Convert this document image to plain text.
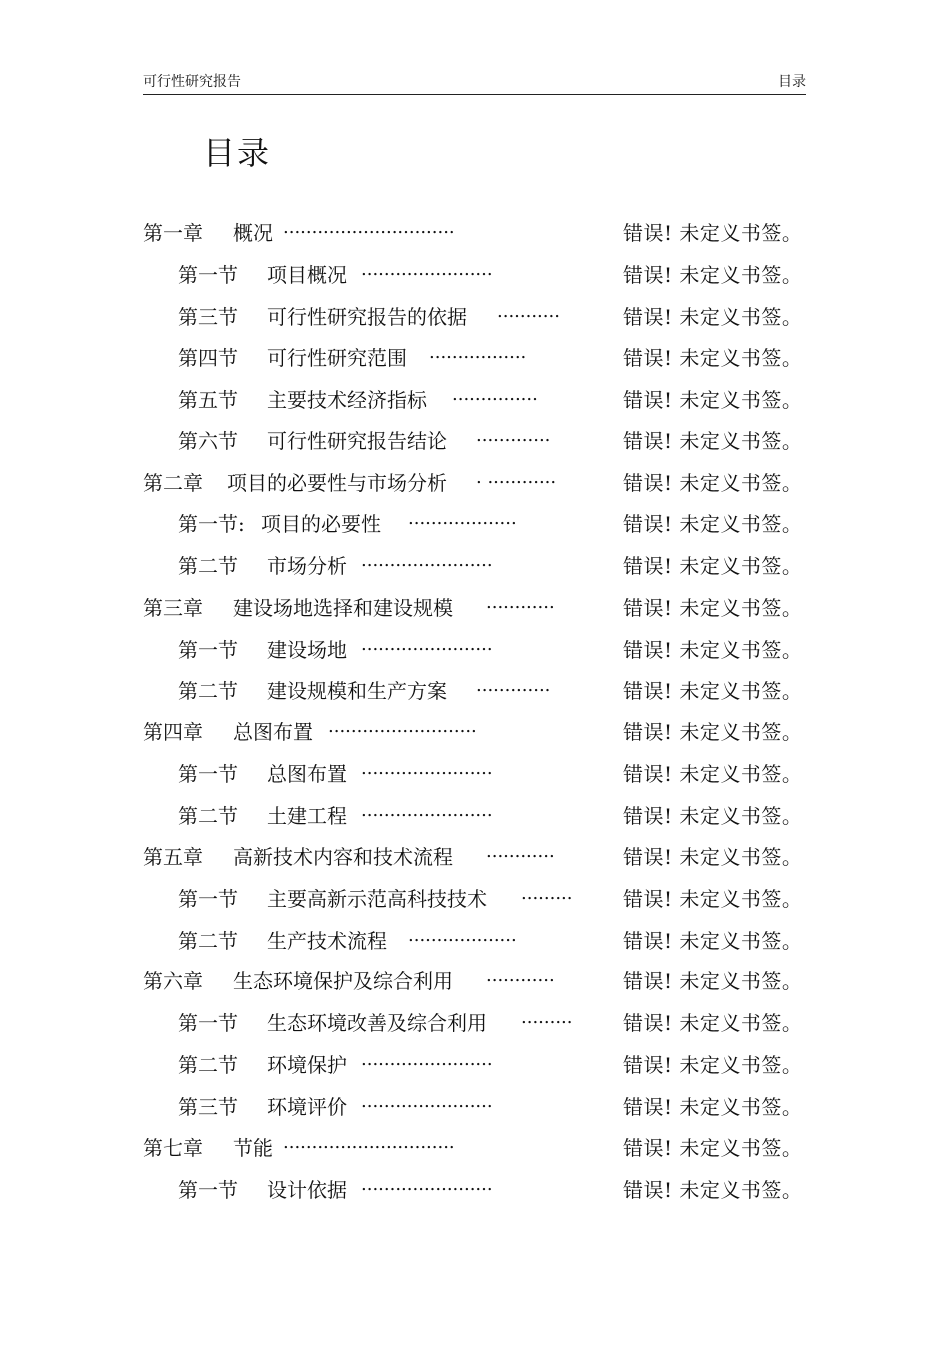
可行性研究报告	目录
目录
第一章 概况 ..............................	错误! 未定义书签。
第一节 项目概况 .......................	错误! 未定义书签。
第三节 可行性研究报告的依据 ...........	错误! 未定义书签。
第四节 可行性研究范围 .................	错误! 未定义书签。
第五节 主要技术经济指标 ...............	错误! 未定义书签。
第六节 可行性研究报告结论 .............	错误! 未定义书签。
第二章 项目的必要性与市场分析 . ............	错误! 未定义书签。
第一节: 项目的必要性 ...................	错误! 未定义书签。
第二节 市场分析 .......................	错误! 未定义书签。
第三章 建设场地选择和建设规模 ............	错误! 未定义书签。
第一节 建设场地 .......................	错误! 未定义书签。
第二节 建设规模和生产方案 .............	错误! 未定义书签。
第四章 总图布置 ..........................	错误! 未定义书签。
第一节 总图布置 .......................	错误! 未定义书签。
第二节 土建工程 .......................	错误! 未定义书签。
第五章 高新技术内容和技术流程 ............	错误! 未定义书签。
第一节 主要高新示范高科技技术 .........	错误! 未定义书签。
第二节 生产技术流程 ...................	错误! 未定义书签。
第六章 生态环境保护及综合利用 ............	错误! 未定义书签。
第一节 生态环境改善及综合利用 .........	错误! 未定义书签。
第二节 环境保护 .......................	错误! 未定义书签。
第三节 环境评价 .......................	错误! 未定义书签。
第七章 节能 ..............................	错误! 未定义书签。
第一节 设计依据 .......................	错误! 未定义书签。
